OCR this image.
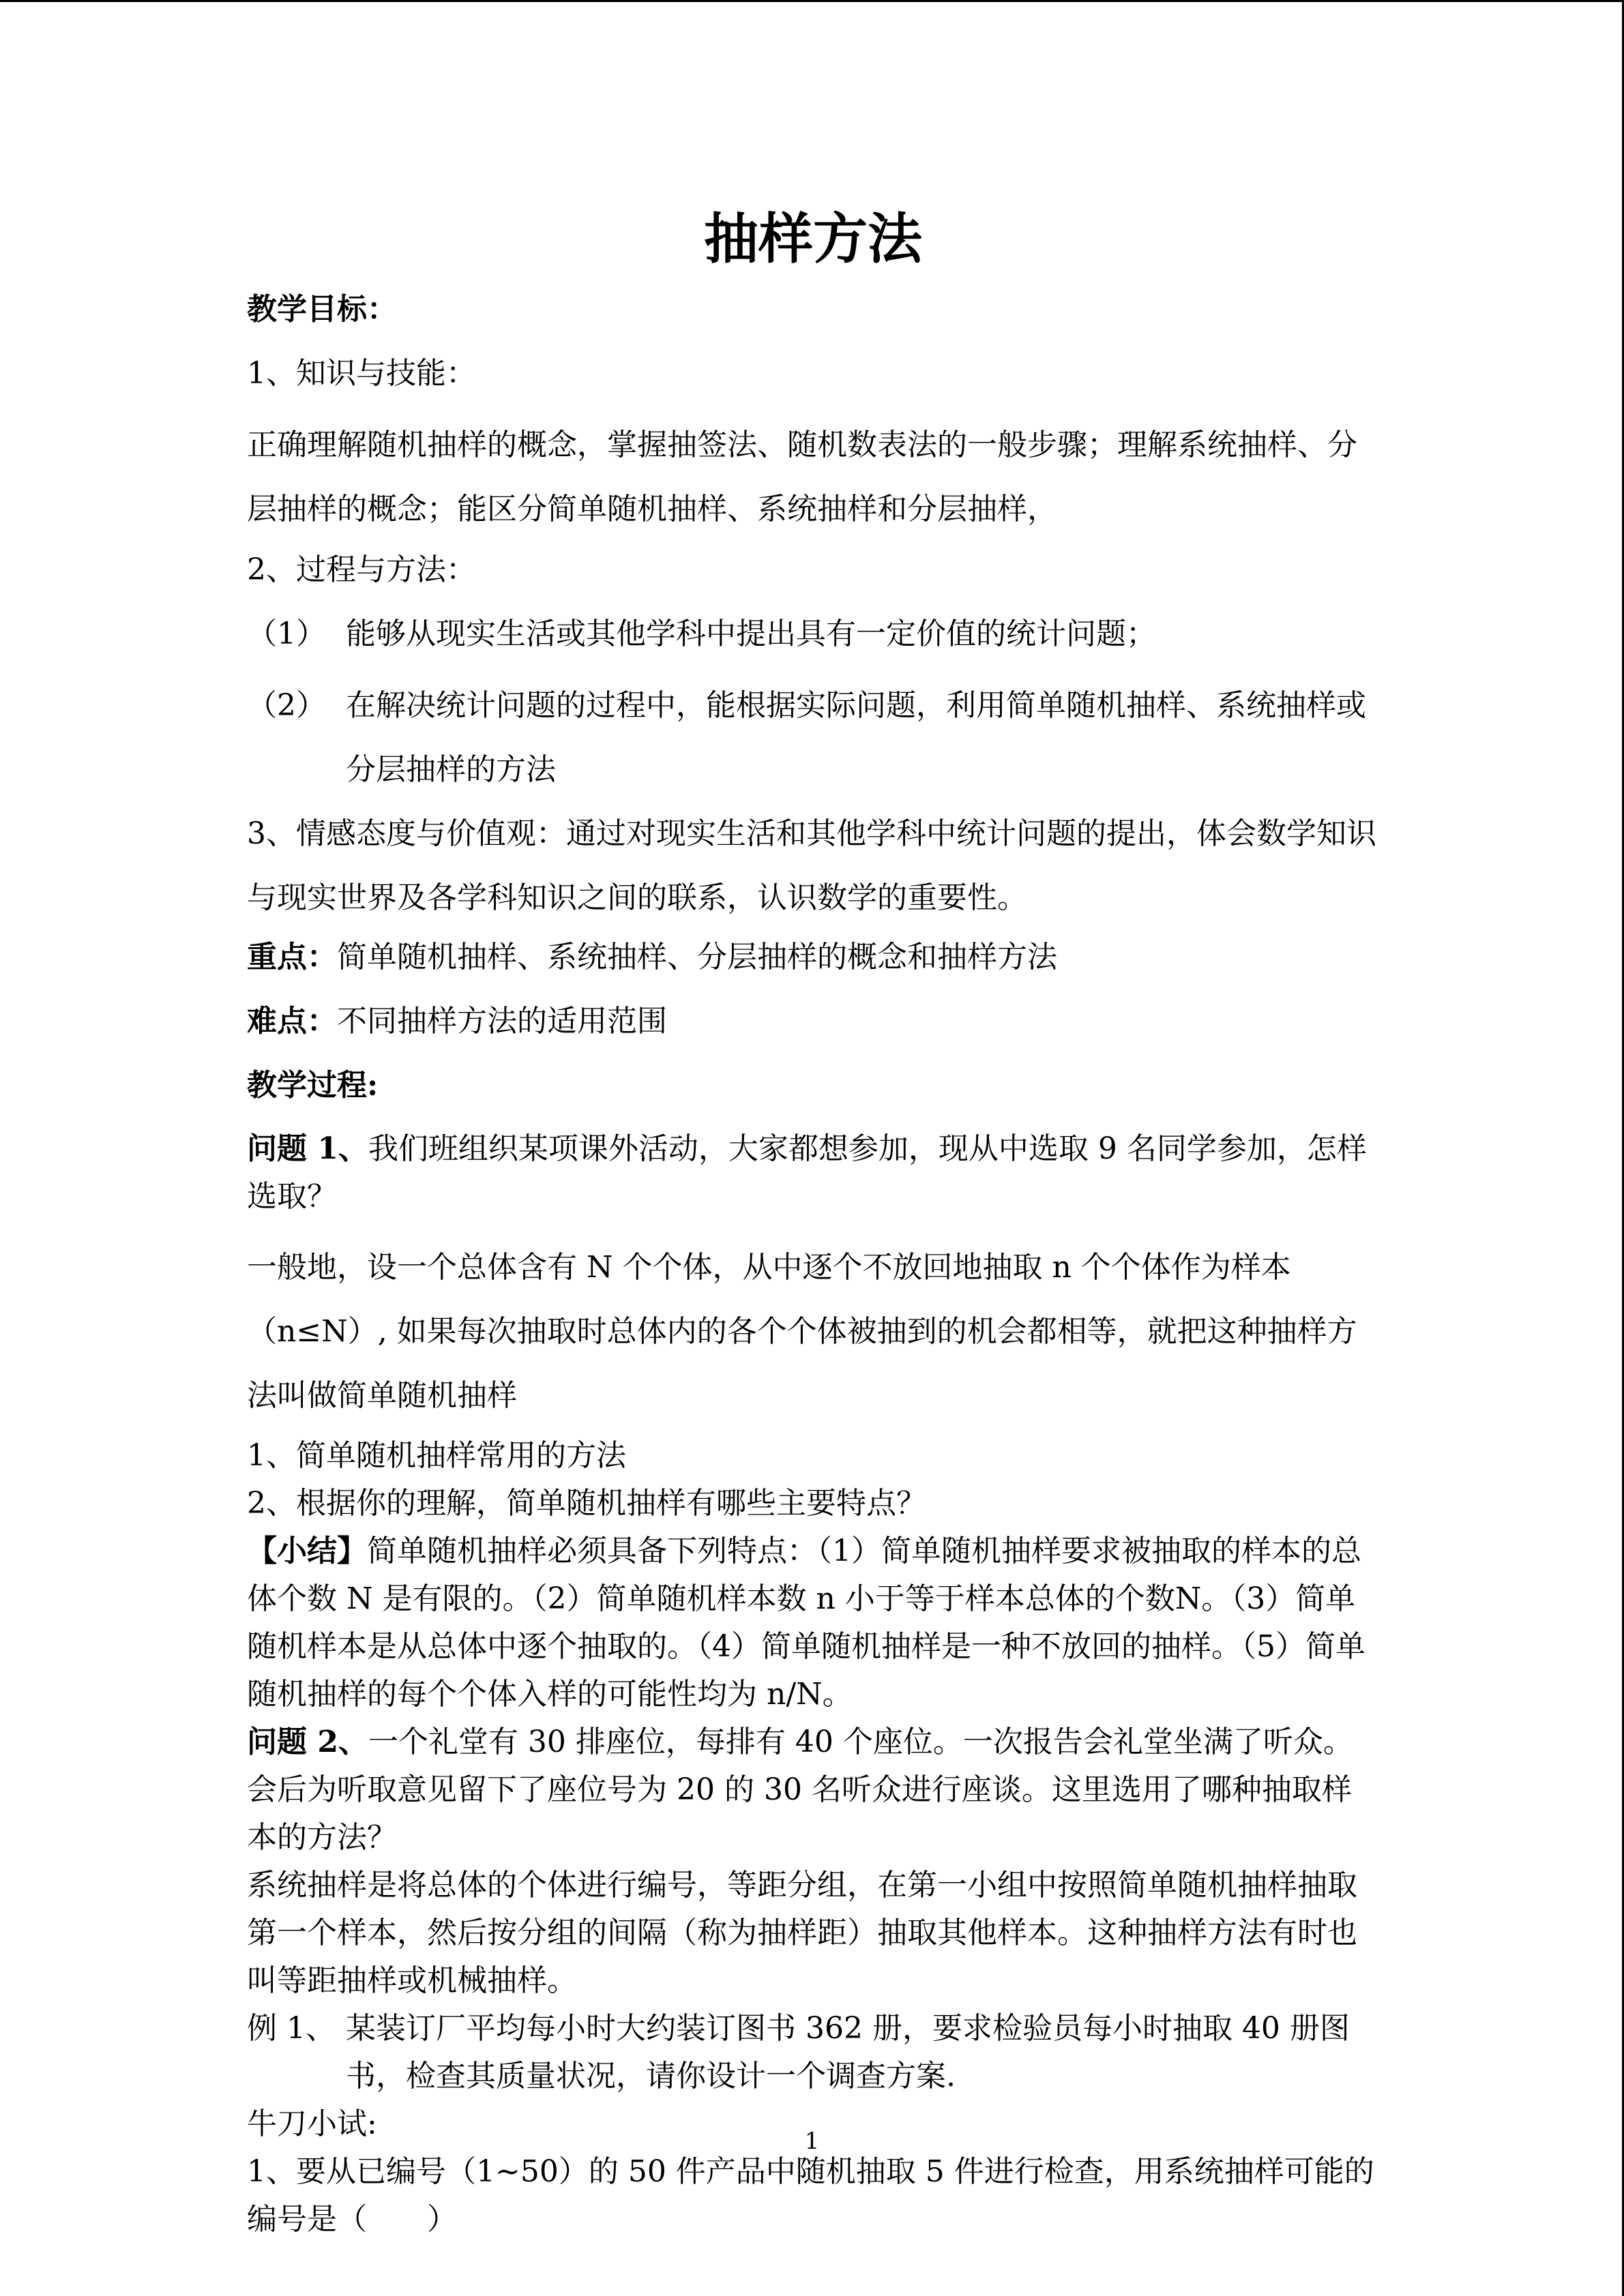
抽样方法

教学目标：

1、知识与技能：

正确理解随机抽样的概念，掌握抽签法、随机数表法的一般步骤；理解系统抽样、分层抽样的概念；能区分简单随机抽样、系统抽样和分层抽样，

2、过程与方法：

（1） 能够从现实生活或其他学科中提出具有一定价值的统计问题；
（2） 在解决统计问题的过程中，能根据实际问题，利用简单随机抽样、系统抽样或分层抽样的方法

3、情感态度与价值观：通过对现实生活和其他学科中统计问题的提出，体会数学知识与现实世界及各学科知识之间的联系，认识数学的重要性。

重点：简单随机抽样、系统抽样、分层抽样的概念和抽样方法

难点：不同抽样方法的适用范围

教学过程:

问题 1、我们班组织某项课外活动，大家都想参加，现从中选取 9 名同学参加，怎样选取？

一般地，设一个总体含有 N 个个体，从中逐个不放回地抽取 n 个个体作为样本（n≤N）, 如果每次抽取时总体内的各个个体被抽到的机会都相等，就把这种抽样方法叫做简单随机抽样

1、简单随机抽样常用的方法

2、根据你的理解，简单随机抽样有哪些主要特点？

【小结】简单随机抽样必须具备下列特点：（1）简单随机抽样要求被抽取的样本的总体个数 N 是有限的。（2）简单随机样本数 n 小于等于样本总体的个数N。（3）简单随机样本是从总体中逐个抽取的。（4）简单随机抽样是一种不放回的抽样。（5）简单随机抽样的每个个体入样的可能性均为 n/N。

问题 2、一个礼堂有 30 排座位，每排有 40 个座位。一次报告会礼堂坐满了听众。会后为听取意见留下了座位号为 20 的 30 名听众进行座谈。这里选用了哪种抽取样本的方法？

系统抽样是将总体的个体进行编号，等距分组，在第一小组中按照简单随机抽样抽取第一个样本，然后按分组的间隔（称为抽样距）抽取其他样本。这种抽样方法有时也叫等距抽样或机械抽样。

例 1、 某装订厂平均每小时大约装订图书 362 册，要求检验员每小时抽取 40 册图书，检查其质量状况，请你设计一个调查方案.

牛刀小试:

1、要从已编号（1~50）的 50 件产品中随机抽取 5 件进行检查，用系统抽样可能的编号是（　　）

1
